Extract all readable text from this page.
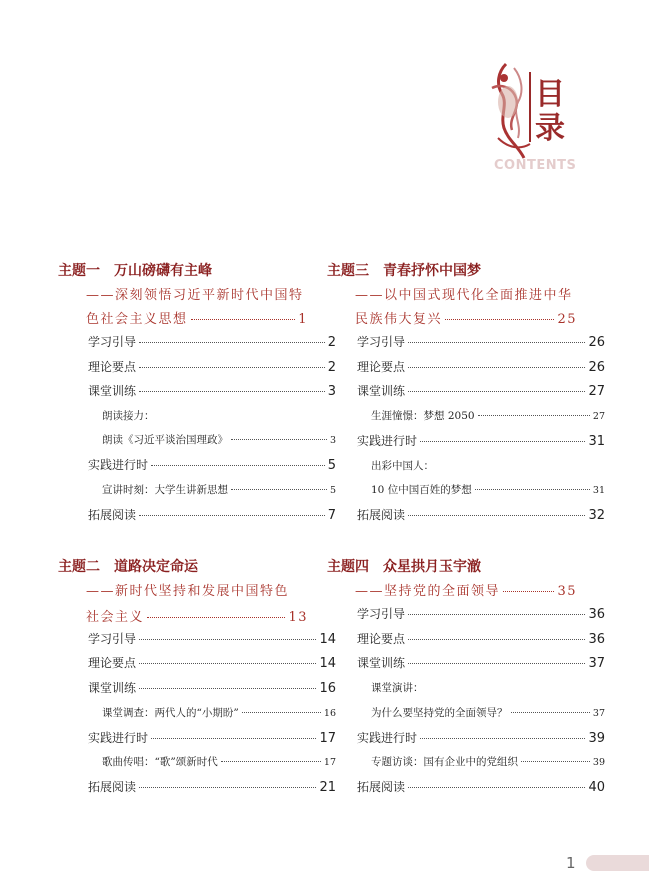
目
录
CONTENTS
主题一　万山磅礴有主峰
——深刻领悟习近平新时代中国特
色社会主义思想	1
学习引导	2
理论要点	2
课堂训练	3
朗读接力：
朗读《习近平谈治国理政》	3
实践进行时	5
宣讲时刻：大学生讲新思想	5
拓展阅读	7
主题二　道路决定命运
——新时代坚持和发展中国特色
社会主义	13
学习引导	14
理论要点	14
课堂训练	16
课堂调查：两代人的“小期盼”	16
实践进行时	17
歌曲传唱：“歌”颂新时代	17
拓展阅读	21
主题三　青春抒怀中国梦
——以中国式现代化全面推进中华
民族伟大复兴	25
学习引导	26
理论要点	26
课堂训练	27
生涯憧憬：梦想 2050	27
实践进行时	31
出彩中国人：
10 位中国百姓的梦想	31
拓展阅读	32
主题四　众星拱月玉宇澈
——坚持党的全面领导	35
学习引导	36
理论要点	36
课堂训练	37
课堂演讲：
为什么要坚持党的全面领导？	37
实践进行时	39
专题访谈：国有企业中的党组织	39
拓展阅读	40
1
